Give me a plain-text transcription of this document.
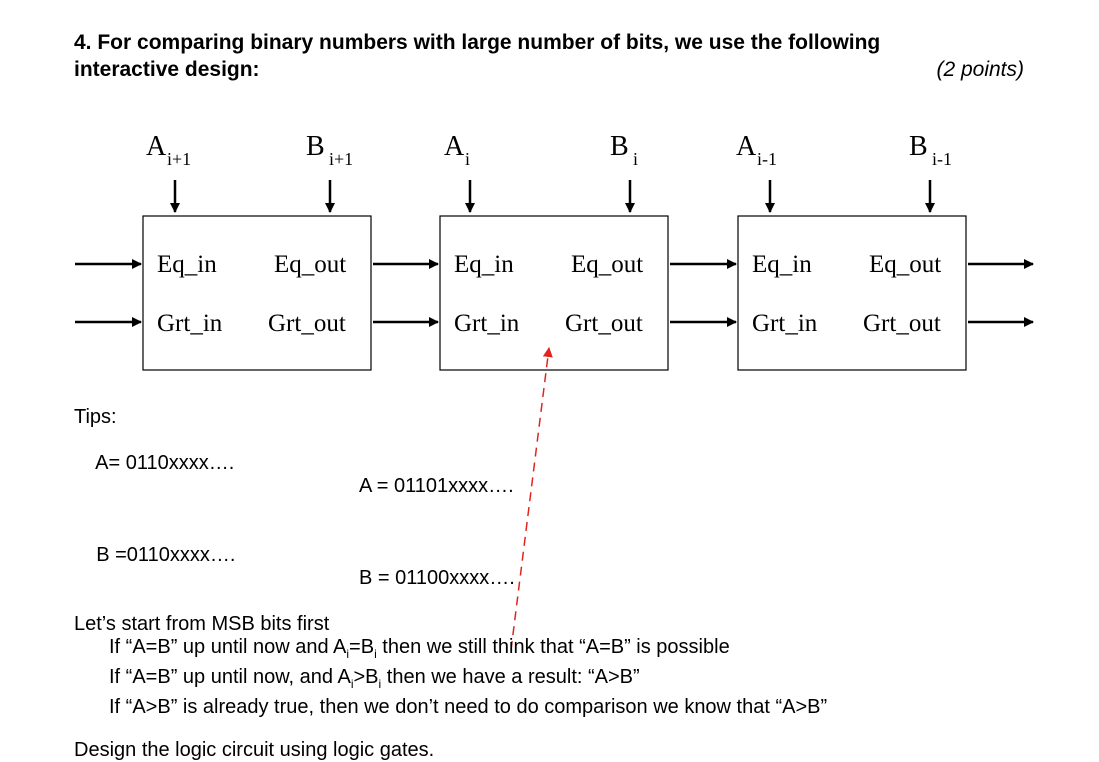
4. For comparing binary numbers with large number of bits, we use the following
interactive design:	(2 points)
A i+1	B i+1	A i	B i	A i-1	B i-1
Eq_in Eq_out
Grt_in Grt_out
Eq_in Eq_out
Grt_in Grt_out
Eq_in Eq_out
Grt_in Grt_out
Tips:

A= 0110xxxx….

A = 01101xxxx….

B =0110xxxx….

B = 01100xxxx….

Let’s start from MSB bits first
If “A=B” up until now and $A_i=B_i$ then we still think that “A=B” is possible
If “A=B” up until now, and $A_i>B_i$ then we have a result: “A>B”
If “A>B” is already true, then we don’t need to do comparison we know that “A>B”
Design the logic circuit using logic gates.
